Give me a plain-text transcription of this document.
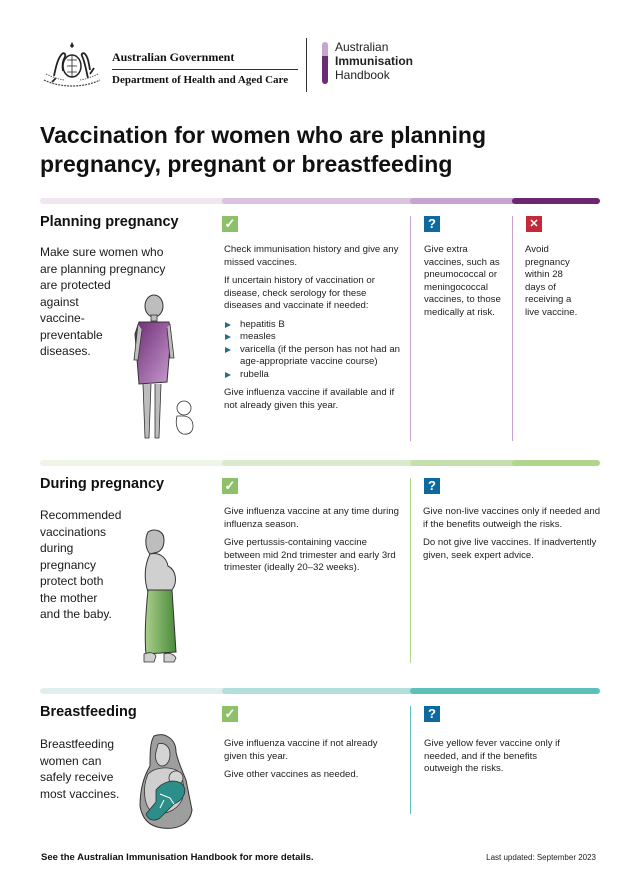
Australian Government
Department of Health and Aged Care
Australian
Immunisation
Handbook
Vaccination for women who are planning pregnancy, pregnant or breastfeeding
Planning pregnancy	✓	?	✕
Make sure women who
are planning pregnancy
are protected
against
vaccine-
preventable
diseases.

Check immunisation history and give any missed vaccines.

If uncertain history of vaccination or disease, check serology for these diseases and vaccinate if needed:

hepatitis B
measles
varicella (if the person has not had an age-appropriate vaccine course)
rubella

Give influenza vaccine if available and if not already given this year.

Give extra vaccines, such as pneumococcal or meningococcal vaccines, to those medically at risk.

Avoid pregnancy within 28 days of receiving a live vaccine.

During pregnancy	✓	?
Recommended
vaccinations
during
pregnancy
protect both
the mother
and the baby.

Give influenza vaccine at any time during influenza season.

Give pertussis-containing vaccine between mid 2nd trimester and early 3rd trimester (ideally 20–32 weeks).

Give non-live vaccines only if needed and if the benefits outweigh the risks.

Do not give live vaccines. If inadvertently given, seek expert advice.

Breastfeeding	✓	?
Breastfeeding
women can
safely receive
most vaccines.

Give influenza vaccine if not already given this year.

Give other vaccines as needed.

Give yellow fever vaccine only if needed, and if the benefits outweigh the risks.

See the Australian Immunisation Handbook for more details.	Last updated: September 2023
